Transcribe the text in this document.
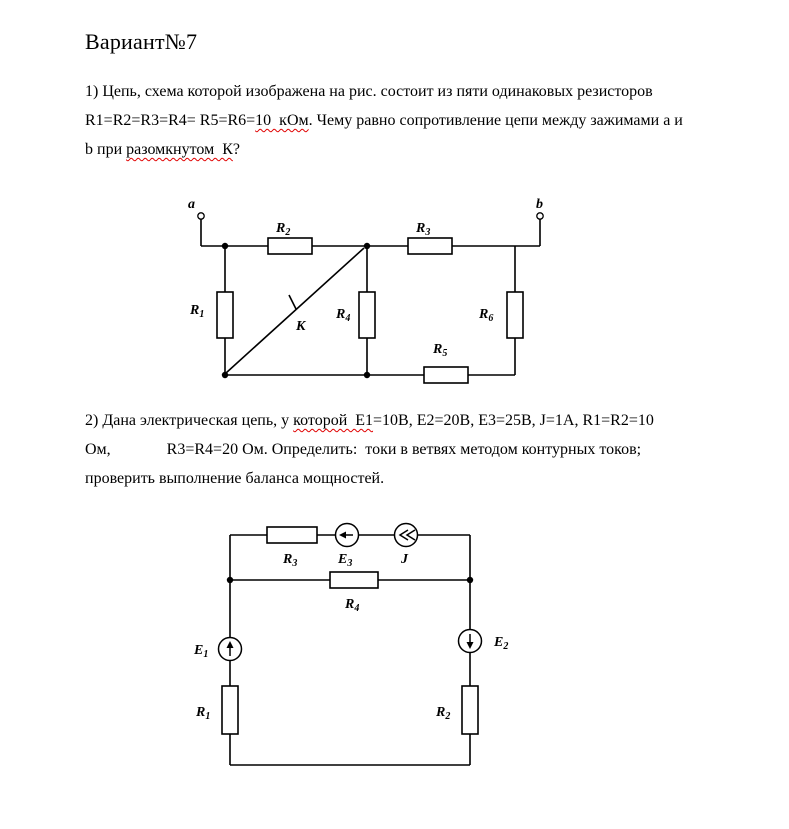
Вариант№7
1) Цепь, схема которой изображена на рис. состоит из пяти одинаковых резисторов
R1=R2=R3=R4= R5=R6=10  кОм. Чему равно сопротивление цепи между зажимами a и
b при разомкнутом  К?
a	b
$R_2$	$R_3$
$R_1$	$R_4$	$R_6$
$R_5$
К
2) Дана электрическая цепь, у которой  Е1=10В, Е2=20В, Е3=25В, J=1А, R1=R2=10
Ом,              R3=R4=20 Ом. Определить:  токи в ветвях методом контурных токов;
проверить выполнение баланса мощностей.
$R_3$	$E_3$	J
$R_4$
$E_1$
$R_1$
$E_2$
$R_2$
